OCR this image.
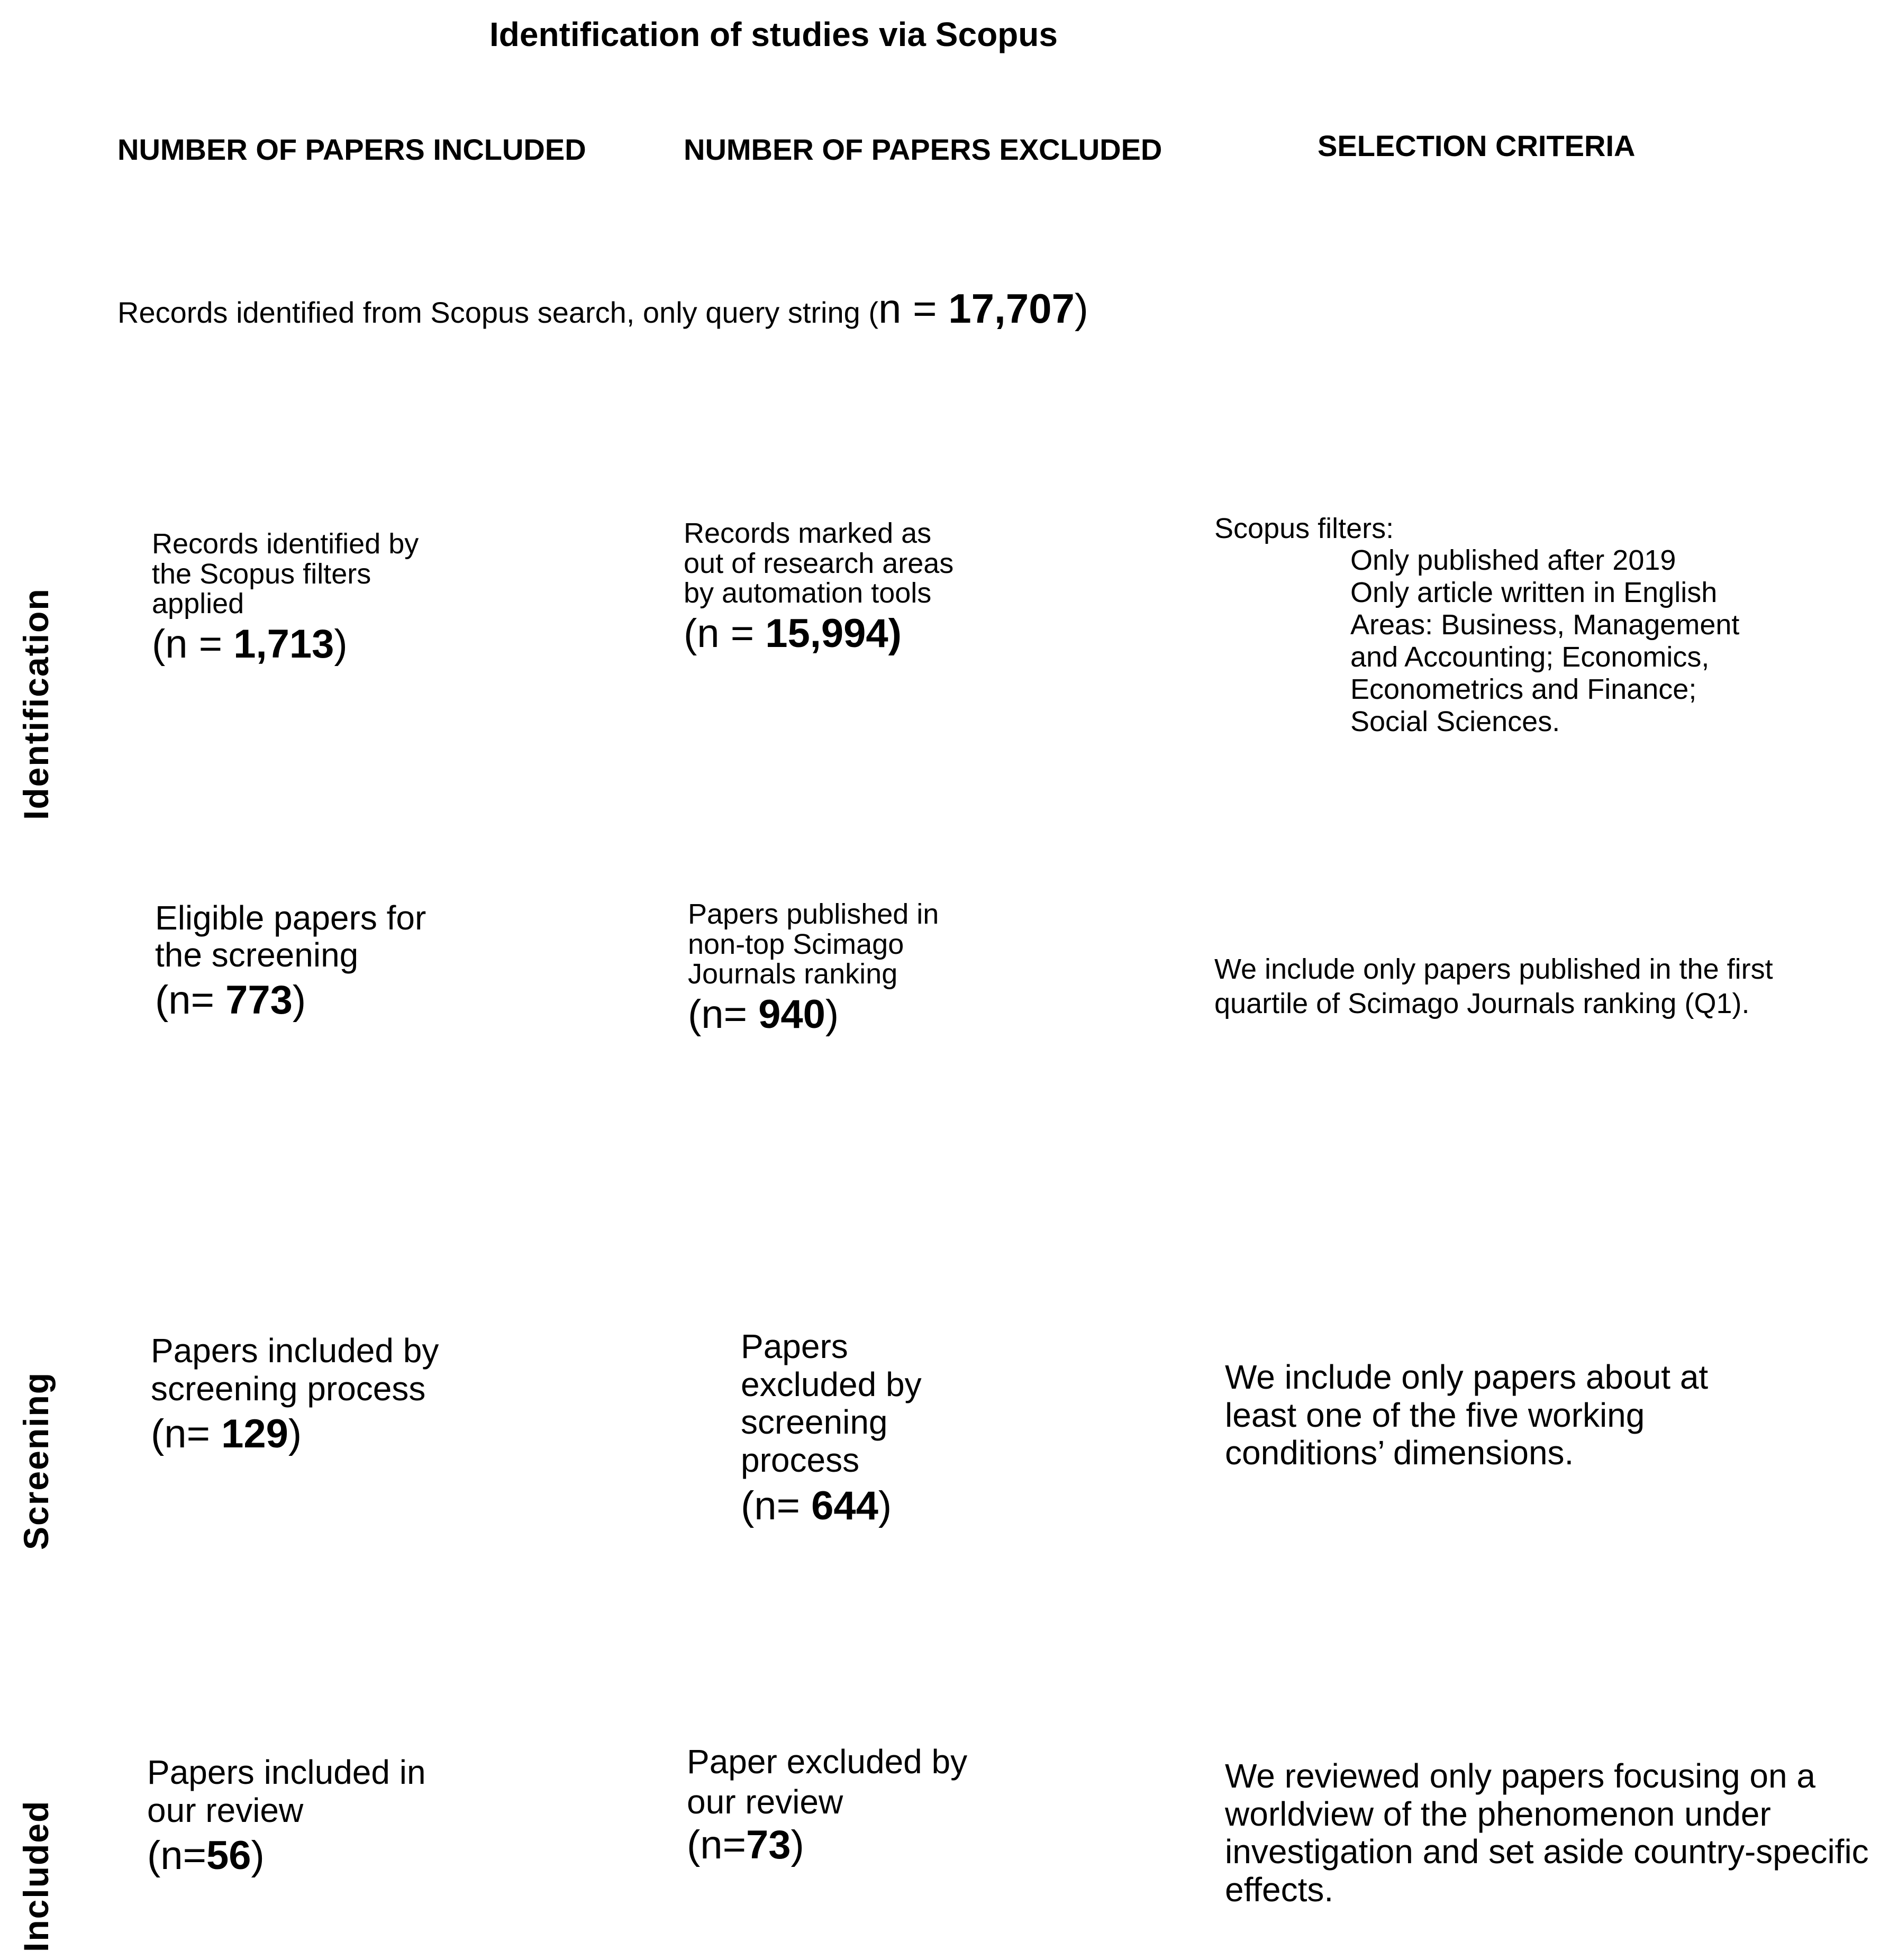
Identification of studies via Scopus
NUMBER OF PAPERS INCLUDED	NUMBER OF PAPERS EXCLUDED	SELECTION CRITERIA
Identification
Screening
Included
Records identified from Scopus search, only query string (n = 17,707)
Records identified by
the Scopus filters
applied
(n = 1,713)
Records marked as
out of research areas
by automation tools
(n = 15,994)
Scopus filters:
Only published after 2019
Only article written in English
Areas: Business, Management
and Accounting; Economics,
Econometrics and Finance;
Social Sciences.
Eligible papers for
the screening
(n= 773)
Papers published in
non-top Scimago
Journals ranking
(n= 940)
We include only papers published in the first
quartile of Scimago Journals ranking (Q1).
Papers included by
screening process
(n= 129)
Papers
excluded by
screening
process
(n= 644)
We include only papers about at
least one of the five working
conditions’ dimensions.
Papers included in
our review
(n=56)
Paper excluded by
our review
(n=73)
We reviewed only papers focusing on a
worldview of the phenomenon under
investigation and set aside country-specific
effects.
